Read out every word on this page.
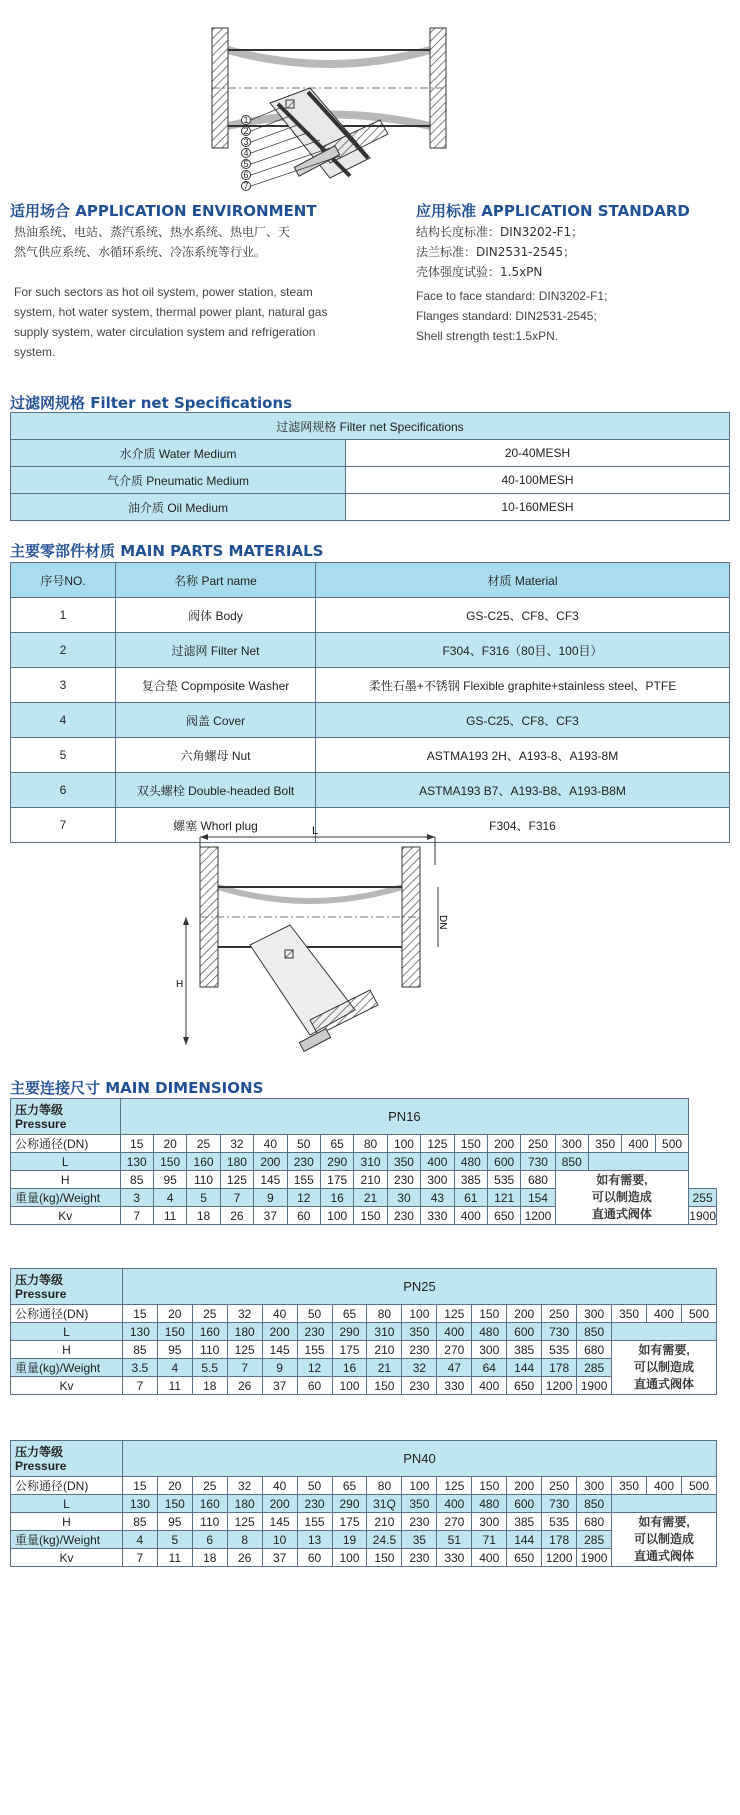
1
2
3
4
5
6
7
适用场合 APPLICATION ENVIRONMENT
热油系统、电站、蒸汽系统、热水系统、热电厂、天
然气供应系统、水循环系统、冷冻系统等行业。
For such sectors as hot oil system, power station, steam
system, hot water system, thermal power plant, natural gas
supply system, water circulation system and refrigeration
system.
应用标准 APPLICATION STANDARD
结构长度标准：DIN3202-F1；
法兰标准：DIN2531-2545；
壳体强度试验：1.5xPN
Face to face standard: DIN3202-F1;
Flanges standard: DIN2531-2545;
Shell strength test:1.5xPN.
过滤网规格 Filter net Specifications
过滤网规格 Filter net Specifications	
水介质 Water Medium	20-40MESH
气介质 Pneumatic Medium	40-100MESH
油介质 Oil Medium	10-160MESH
主要零部件材质 MAIN PARTS MATERIALS
序号NO.	名称 Part name	材质 Material
1	阀体 Body	GS-C25、CF8、CF3
2	过滤网 Filter Net	F304、F316（80目、100目）
3	复合垫 Copmposite Washer	柔性石墨+不锈钢 Flexible graphite+stainless steel、PTFE
4	阀盖 Cover	GS-C25、CF8、CF3
5	六角螺母 Nut	ASTMA193 2H、A193-8、A193-8M
6	双头螺栓 Double-headed Bolt	ASTMA193 B7、A193-B8、A193-B8M
7	螺塞 Whorl plug	F304、F316
L
DN
H
主要连接尺寸 MAIN DIMENSIONS
压力等级
Pressure	PN16																	
公称通径(DN)	15	20	25	32	40	50	65	80	100	125	150	200	250	300	350	400	500	
L	130	150	160	180	200	230	290	310	350	400	480	600	730	850				
H	85	95	110	125	145	155	175	210	230	300	385	535	680	如有需要,
可以制造成
直通式阀体				

重量(kg)/Weight	3	4	5	7	9	12	16	21	30	43	61	121	154					255
Kv	7	11	18	26	37	60	100	150	230	330	400	650	1200					1900
压力等级
Pressure	PN25																
公称通径(DN)	15	20	25	32	40	50	65	80	100	125	150	200	250	300	350	400	500
L	130	150	160	180	200	230	290	310	350	400	480	600	730	850			
H	85	95	110	125	145	155	175	210	230	270	300	385	535	680	如有需要,
可以制造成
直通式阀体		

重量(kg)/Weight	3.5	4	5.5	7	9	12	16	21	32	47	64	144	178	285			
Kv	7	11	18	26	37	60	100	150	230	330	400	650	1200	1900			
压力等级
Pressure	PN40																
公称通径(DN)	15	20	25	32	40	50	65	80	100	125	150	200	250	300	350	400	500
L	130	150	160	180	200	230	290	31Q	350	400	480	600	730	850			
H	85	95	110	125	145	155	175	210	230	270	300	385	535	680	如有需要,
可以制造成
直通式阀体		

重量(kg)/Weight	4	5	6	8	10	13	19	24.5	35	51	71	144	178	285			
Kv	7	11	18	26	37	60	100	150	230	330	400	650	1200	1900			
